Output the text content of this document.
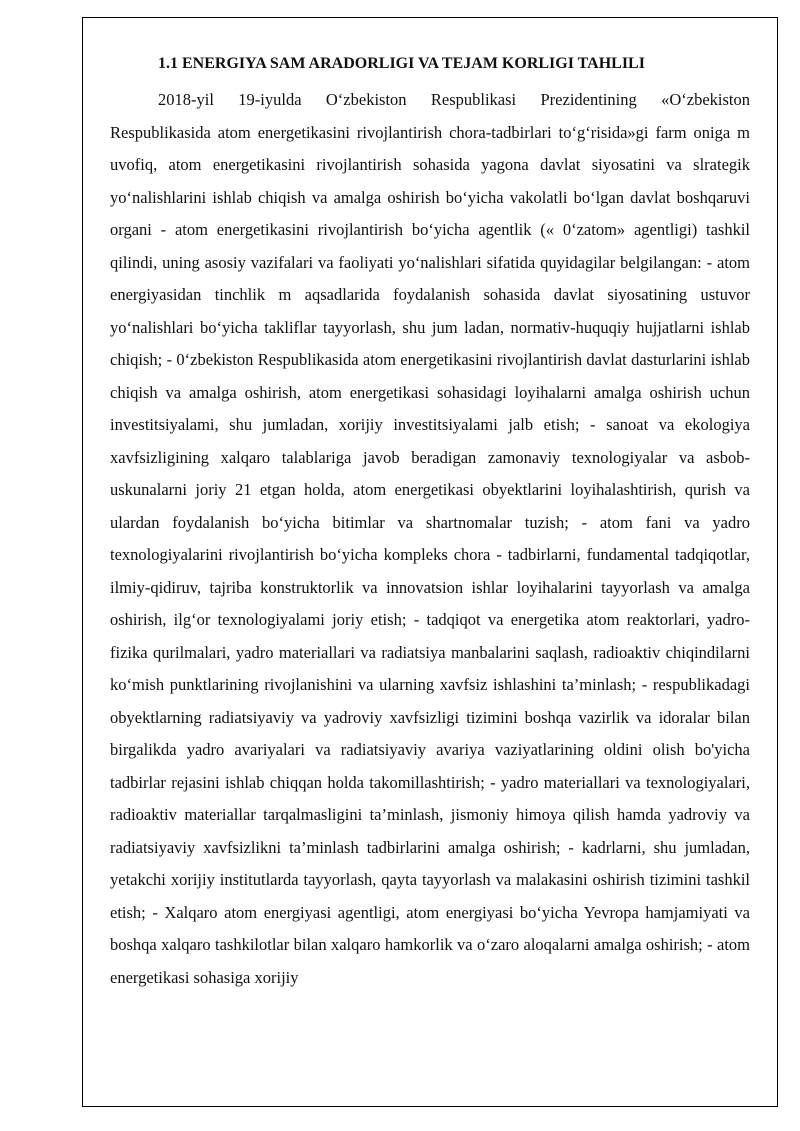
1.1 ENERGIYA SAM ARADORLIGI VA TEJAM KORLIGI TAHLILI

2018-yil 19-iyulda O‘zbekiston Respublikasi Prezidentining «O‘zbekiston Respublikasida atom energetikasini rivojlantirish chora-tadbirlari to‘g‘risida»gi farm oniga m uvofiq, atom energetikasini rivojlantirish sohasida yagona davlat siyosatini va slrategik yo‘nalishlarini ishlab chiqish va amalga oshirish bo‘yicha vakolatli bo‘lgan davlat boshqaruvi organi - atom energetikasini rivojlantirish bo‘yicha agentlik (« 0‘zatom» agentligi) tashkil qilindi, uning asosiy vazifalari va faoliyati yo‘nalishlari sifatida quyidagilar belgilangan: - atom energiyasidan tinchlik m aqsadlarida foydalanish sohasida davlat siyosatining ustuvor yo‘nalishlari bo‘yicha takliflar tayyorlash, shu jum ladan, normativ-huquqiy hujjatlarni ishlab chiqish; - 0‘zbekiston Respublikasida atom energetikasini rivojlantirish davlat dasturlarini ishlab chiqish va amalga oshirish, atom energetikasi sohasidagi loyihalarni amalga oshirish uchun investitsiyalami, shu jumladan, xorijiy investitsiyalami jalb etish; - sanoat va ekologiya xavfsizligining xalqaro talablariga javob beradigan zamonaviy texnologiyalar va asbob-uskunalarni joriy 21 etgan holda, atom energetikasi obyektlarini loyihalashtirish, qurish va ulardan foydalanish bo‘yicha bitimlar va shartnomalar tuzish; - atom fani va yadro texnologiyalarini rivojlantirish bo‘yicha kompleks chora - tadbirlarni, fundamental tadqiqotlar, ilmiy-qidiruv, tajriba konstruktorlik va innovatsion ishlar loyihalarini tayyorlash va amalga oshirish, ilg‘or texnologiyalami joriy etish; - tadqiqot va energetika atom reaktorlari, yadro-fizika qurilmalari, yadro materiallari va radiatsiya manbalarini saqlash, radioaktiv chiqindilarni ko‘mish punktlarining rivojlanishini va ularning xavfsiz ishlashini ta’minlash; - respublikadagi obyektlarning radiatsiyaviy va yadroviy xavfsizligi tizimini boshqa vazirlik va idoralar bilan birgalikda yadro avariyalari va radiatsiyaviy avariya vaziyatlarining oldini olish bo'yicha tadbirlar rejasini ishlab chiqqan holda takomillashtirish; - yadro materiallari va texnologiyalari, radioaktiv materiallar tarqalmasligini ta’minlash, jismoniy himoya qilish hamda yadroviy va radiatsiyaviy xavfsizlikni ta’minlash tadbirlarini amalga oshirish; - kadrlarni, shu jumladan, yetakchi xorijiy institutlarda tayyorlash, qayta tayyorlash va malakasini oshirish tizimini tashkil etish; - Xalqaro atom energiyasi agentligi, atom energiyasi bo‘yicha Yevropa hamjamiyati va boshqa xalqaro tashkilotlar bilan xalqaro hamkorlik va o‘zaro aloqalarni amalga oshirish; - atom energetikasi sohasiga xorijiy
